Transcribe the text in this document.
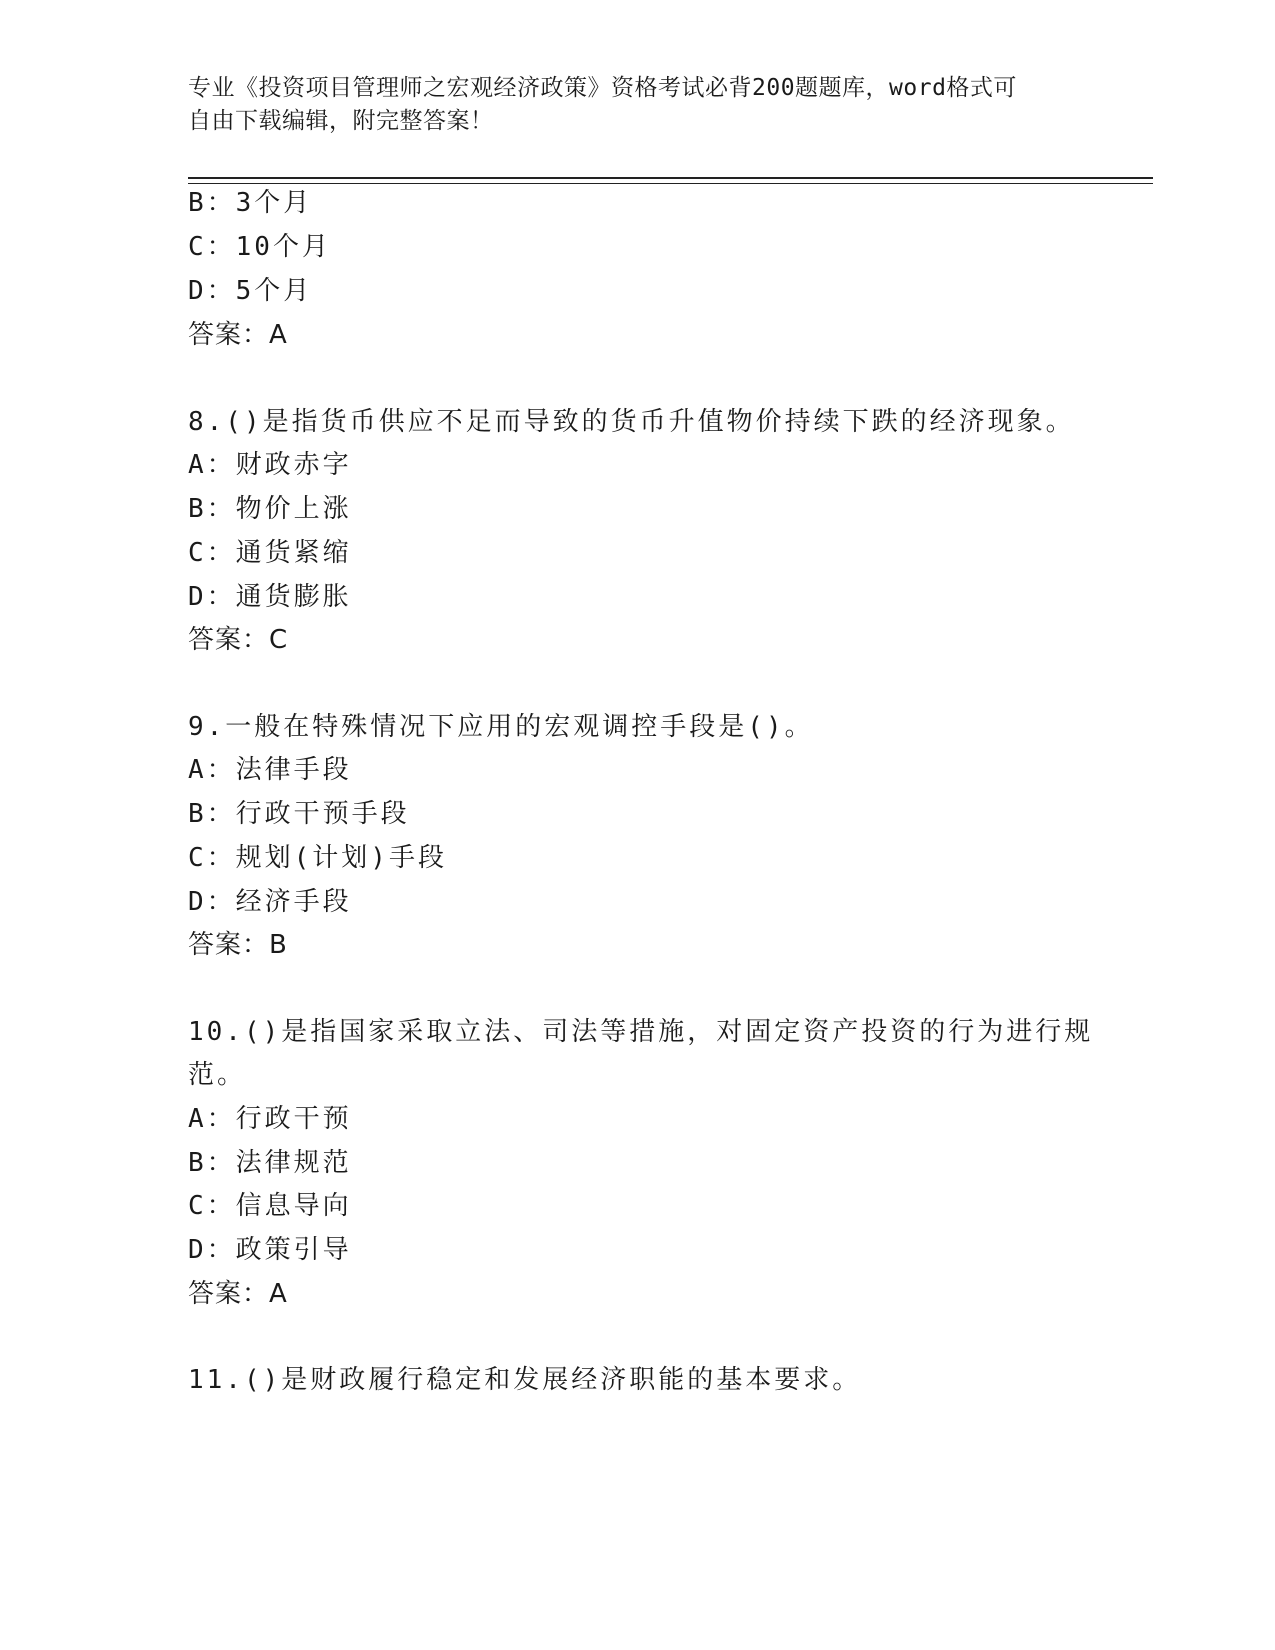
专业《投资项目管理师之宏观经济政策》资格考试必背200题题库，word格式可
自由下载编辑，附完整答案！
B：3个月
C：10个月
D：5个月
答案：A
8.()是指货币供应不足而导致的货币升值物价持续下跌的经济现象。
A：财政赤字
B：物价上涨
C：通货紧缩
D：通货膨胀
答案：C
9.一般在特殊情况下应用的宏观调控手段是()。
A：法律手段
B：行政干预手段
C：规划(计划)手段
D：经济手段
答案：B
10.()是指国家采取立法、司法等措施，对固定资产投资的行为进行规
范。
A：行政干预
B：法律规范
C：信息导向
D：政策引导
答案：A
11.()是财政履行稳定和发展经济职能的基本要求。
